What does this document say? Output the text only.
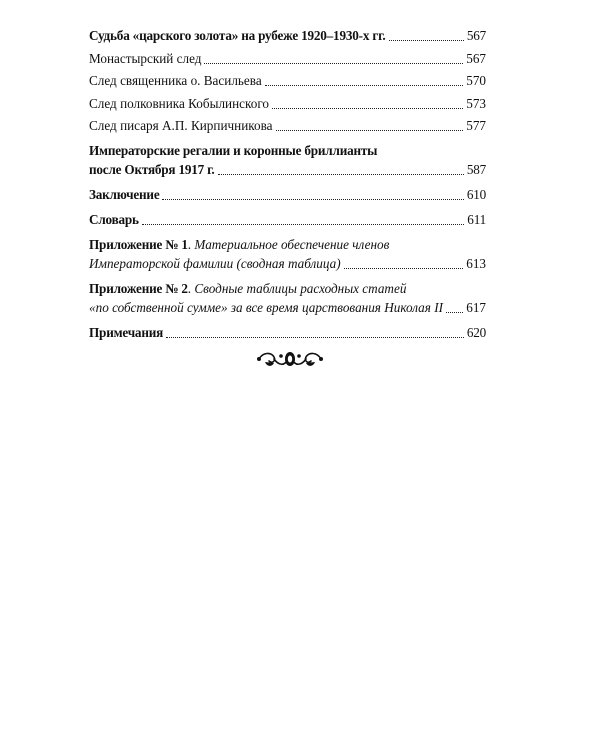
Судьба «царского золота» на рубеже 1920–1930-х гг.	567
Монастырский след	567
След священника о. Васильева	570
След полковника Кобылинского	573
След писаря А.П. Кирпичникова	577
Императорские регалии и коронные бриллианты
после Октября 1917 г.	587
Заключение	610
Словарь	611
Приложение № 1. Материальное обеспечение членов
Императорской фамилии (сводная таблица)	613
Приложение № 2. Сводные таблицы расходных статей
«по собственной сумме» за все время царствования Николая II 617
Примечания	620
